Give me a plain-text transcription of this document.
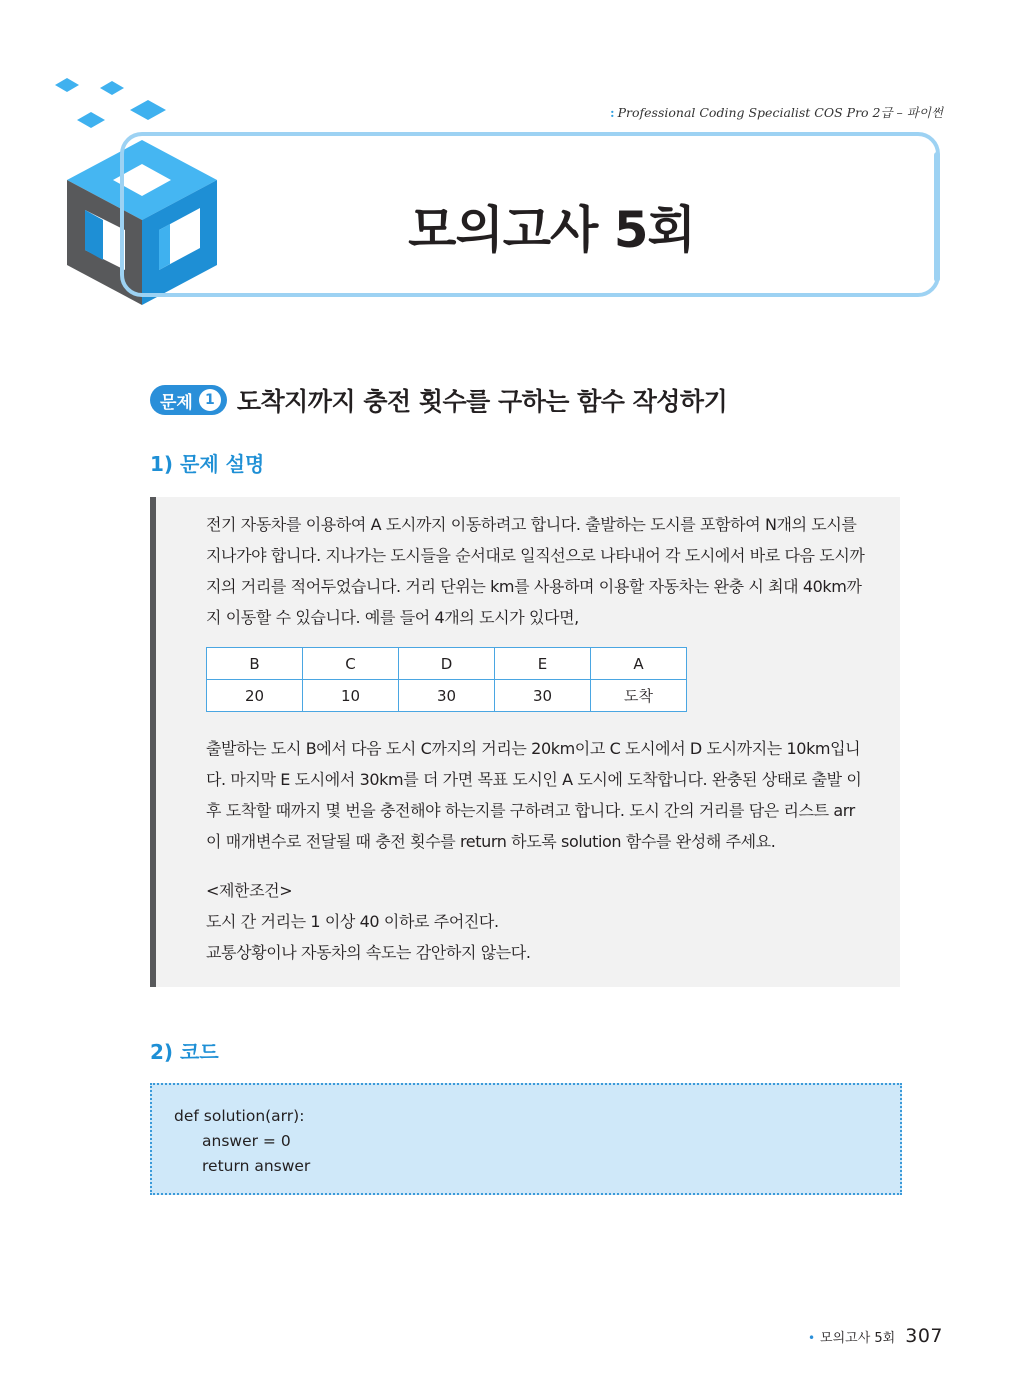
: Professional Coding Specialist COS Pro 2급 – 파이썬
모의고사 5회
문제 1 도착지까지 충전 횟수를 구하는 함수 작성하기
1) 문제 설명

전기 자동차를 이용하여 A 도시까지 이동하려고 합니다. 출발하는 도시를 포함하여 N개의 도시를
지나가야 합니다. 지나가는 도시들을 순서대로 일직선으로 나타내어 각 도시에서 바로 다음 도시까
지의 거리를 적어두었습니다. 거리 단위는 km를 사용하며 이용할 자동차는 완충 시 최대 40km까
지 이동할 수 있습니다. 예를 들어 4개의 도시가 있다면,

B	C	D	E	A
20	10	30	30	도착

출발하는 도시 B에서 다음 도시 C까지의 거리는 20km이고 C 도시에서 D 도시까지는 10km입니
다. 마지막 E 도시에서 30km를 더 가면 목표 도시인 A 도시에 도착합니다. 완충된 상태로 출발 이
후 도착할 때까지 몇 번을 충전해야 하는지를 구하려고 합니다. 도시 간의 거리를 담은 리스트 arr
이 매개변수로 전달될 때 충전 횟수를 return 하도록 solution 함수를 완성해 주세요.

<제한조건>
도시 간 거리는 1 이상 40 이하로 주어진다.
교통상황이나 자동차의 속도는 감안하지 않는다.
2) 코드
def solution(arr):
answer = 0
return answer
• 모의고사 5회 307
